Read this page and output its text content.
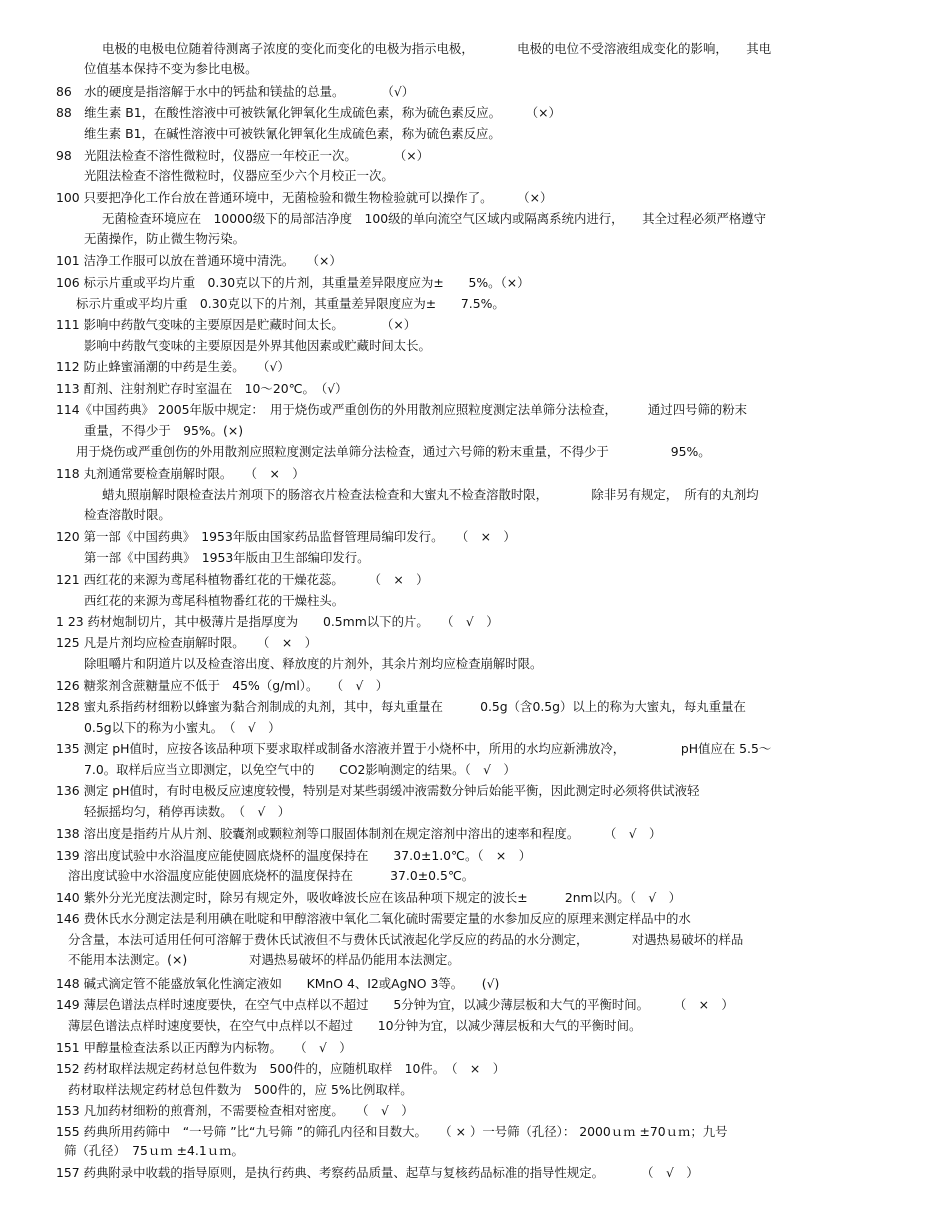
电极的电极电位随着待测离子浓度的变化而变化的电极为指示电极，　　　　电极的电位不受溶液组成变化的影响，　　其电
位值基本保持不变为参比电极。
86　水的硬度是指溶解于水中的钙盐和镁盐的总量。　　　　（√）
88　维生素 B1，在酸性溶液中可被铁氰化钾氧化生成硫色素，称为硫色素反应。　　　（×）
维生素 B1，在碱性溶液中可被铁氰化钾氧化生成硫色素，称为硫色素反应。
98　光阻法检查不溶性微粒时，仪器应一年校正一次。　　　　（×）
光阻法检查不溶性微粒时，仪器应至少六个月校正一次。
100 只要把净化工作台放在普通环境中，无菌检验和微生物检验就可以操作了。　　　（×）
无菌检查环境应在　10000级下的局部洁净度　100级的单向流空气区域内或隔离系统内进行，　　其全过程必须严格遵守
无菌操作，防止微生物污染。
101 洁净工作服可以放在普通环境中清洗。　　（×）
106 标示片重或平均片重　0.30克以下的片剂，其重量差异限度应为±　　5%。（×）
标示片重或平均片重　0.30克以下的片剂，其重量差异限度应为±　　7.5%。
111 影响中药散气变味的主要原因是贮藏时间太长。　　　　（×）
影响中药散气变味的主要原因是外界其他因素或贮藏时间太长。
112 防止蜂蜜涌潮的中药是生姜。　　（√）
113 酊剂、注射剂贮存时室温在　10～20℃。　（√）
114《中国药典》 2005年版中规定：　用于烧伤或严重创伤的外用散剂应照粒度测定法单筛分法检查，　　　通过四号筛的粉末
重量，不得少于　95%。(×)
用于烧伤或严重创伤的外用散剂应照粒度测定法单筛分法检查，通过六号筛的粉末重量，不得少于　　　　　95%。
118 丸剂通常要检查崩解时限。　　（　×　）
蜡丸照崩解时限检查法片剂项下的肠溶衣片检查法检查和大蜜丸不检查溶散时限，　　　　除非另有规定，　所有的丸剂均
检查溶散时限。
120 第一部《中国药典》　1953年版由国家药品监督管理局编印发行。　　（　×　）
第一部《中国药典》　1953年版由卫生部编印发行。
121 西红花的来源为鸢尾科植物番红花的干燥花蕊。　　　（　×　）
西红花的来源为鸢尾科植物番红花的干燥柱头。
1 23 药材炮制切片，其中极薄片是指厚度为　　0.5mm以下的片。　　（　√　）
125 凡是片剂均应检查崩解时限。　　（　×　）
除咀嚼片和阴道片以及检查溶出度、释放度的片剂外，其余片剂均应检查崩解时限。
126 糖浆剂含蔗糖量应不低于　45%（g/ml）。　　（　√　）
128 蜜丸系指药材细粉以蜂蜜为黏合剂制成的丸剂，其中，每丸重量在　　　0.5g（含0.5g）以上的称为大蜜丸，每丸重量在
0.5g以下的称为小蜜丸。　（　√　）
135 测定 pH值时，应按各该品种项下要求取样或制备水溶液并置于小烧杯中，所用的水均应新沸放冷，　　　　　pH值应在 5.5～
7.0。取样后应当立即测定，以免空气中的　　CO2影响测定的结果。（　√　）
136 测定 pH值时，有时电极反应速度较慢，特别是对某些弱缓冲液需数分钟后始能平衡，因此测定时必须将供试液轻
轻振摇均匀，稍停再读数。　（　√　）
138 溶出度是指药片从片剂、胶囊剂或颗粒剂等口服固体制剂在规定溶剂中溶出的速率和程度。　　　（　√　）
139 溶出度试验中水浴温度应能使圆底烧杯的温度保持在　　37.0±1.0℃。（　×　）
溶出度试验中水浴温度应能使圆底烧杯的温度保持在　　　37.0±0.5℃。
140 紫外分光光度法测定时，除另有规定外，吸收峰波长应在该品种项下规定的波长±　　　2nm以内。（　√　）
146 费休氏水分测定法是利用碘在吡啶和甲醇溶液中氧化二氧化硫时需要定量的水参加反应的原理来测定样品中的水
分含量，本法可适用任何可溶解于费休氏试液但不与费休氏试液起化学反应的药品的水分测定，　　　　对遇热易破坏的样品
不能用本法测定。(×)　　　　　对遇热易破坏的样品仍能用本法测定。
148 碱式滴定管不能盛放氧化性滴定液如　　KMnO 4、I2或AgNO 3等。　　(√)
149 薄层色谱法点样时速度要快，在空气中点样以不超过　　5分钟为宜，以减少薄层板和大气的平衡时间。　　　（　×　）
薄层色谱法点样时速度要快，在空气中点样以不超过　　10分钟为宜，以减少薄层板和大气的平衡时间。
151 甲醇量检查法系以正丙醇为内标物。　　（　√　）
152 药材取样法规定药材总包件数为　500件的，应随机取样　10件。　（　×　）
药材取样法规定药材总包件数为　500件的，应 5%比例取样。
153 凡加药材细粉的煎膏剂，不需要检查相对密度。　　（　√　）
155 药典所用药筛中　“一号筛 ”比“九号筛 ”的筛孔内径和目数大。　　（ × ）一号筛（孔径）： 2000ｕｍ ±70ｕｍ；九号
筛（孔径）　75ｕｍ ±4.1ｕｍ。
157 药典附录中收载的指导原则，是执行药典、考察药品质量、起草与复核药品标准的指导性规定。　　　　（　√　）
